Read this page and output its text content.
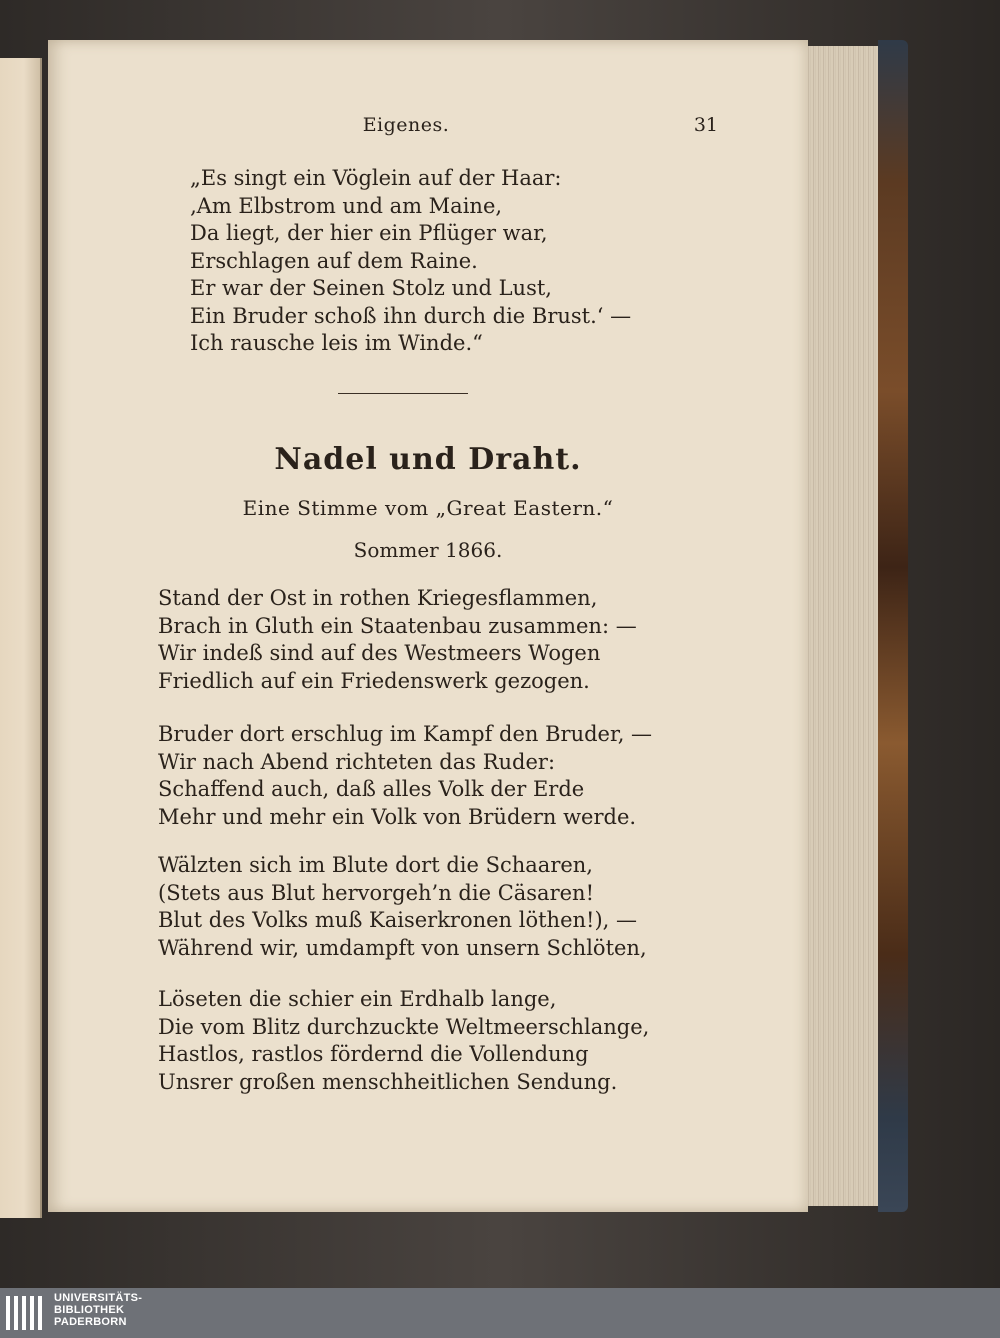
Eigenes.	31
„Es singt ein Vöglein auf der Haar:
‚Am Elbstrom und am Maine,
Da liegt, der hier ein Pflüger war,
Erschlagen auf dem Raine.
Er war der Seinen Stolz und Lust,
Ein Bruder schoß ihn durch die Brust.‘ —
Ich rausche leis im Winde.“
Nadel und Draht.
Eine Stimme vom „Great Eastern.“
Sommer 1866.
Stand der Ost in rothen Kriegesflammen,
Brach in Gluth ein Staatenbau zusammen: —
Wir indeß sind auf des Westmeers Wogen
Friedlich auf ein Friedenswerk gezogen.
Bruder dort erschlug im Kampf den Bruder, —
Wir nach Abend richteten das Ruder:
Schaffend auch, daß alles Volk der Erde
Mehr und mehr ein Volk von Brüdern werde.
Wälzten sich im Blute dort die Schaaren,
(Stets aus Blut hervorgeh’n die Cäsaren!
Blut des Volks muß Kaiserkronen löthen!), —
Während wir, umdampft von unsern Schlöten,
Löseten die schier ein Erdhalb lange,
Die vom Blitz durchzuckte Weltmeerschlange,
Hastlos, rastlos fördernd die Vollendung
Unsrer großen menschheitlichen Sendung.
UNIVERSITÄTS-
BIBLIOTHEK
PADERBORN
